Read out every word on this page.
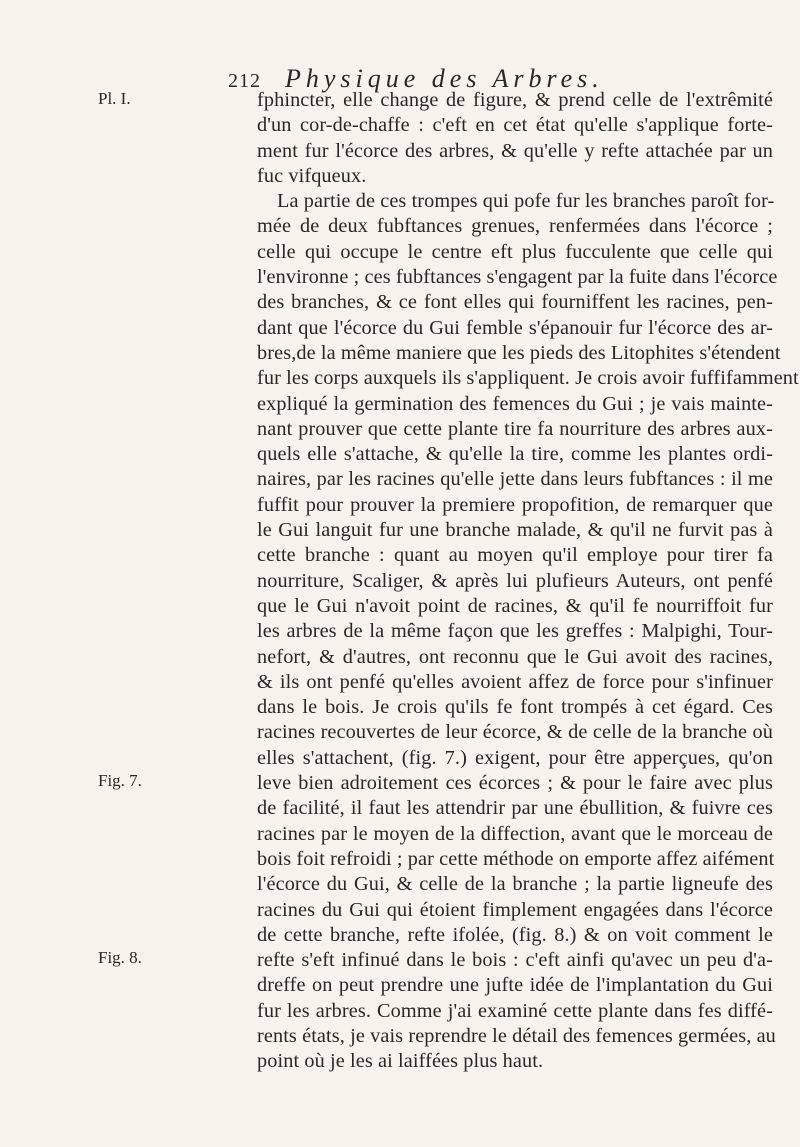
212 Physique des Arbres.
Pl. I.
Fig. 7.
Fig. 8.
fphincter, elle change de figure, & prend celle de l'extrêmité
d'un cor-de-chaffe : c'eft en cet état qu'elle s'applique forte-
ment fur l'écorce des arbres, & qu'elle y refte attachée par un
fuc vifqueux.
La partie de ces trompes qui pofe fur les branches paroît for-
mée de deux fubftances grenues, renfermées dans l'écorce ;
celle qui occupe le centre eft plus fucculente que celle qui
l'environne ; ces fubftances s'engagent par la fuite dans l'écorce
des branches, & ce font elles qui fourniffent les racines, pen-
dant que l'écorce du Gui femble s'épanouir fur l'écorce des ar-
bres,de la même maniere que les pieds des Litophites s'étendent
fur les corps auxquels ils s'appliquent. Je crois avoir fuffifamment
expliqué la germination des femences du Gui ; je vais mainte-
nant prouver que cette plante tire fa nourriture des arbres aux-
quels elle s'attache, & qu'elle la tire, comme les plantes ordi-
naires, par les racines qu'elle jette dans leurs fubftances : il me
fuffit pour prouver la premiere propofition, de remarquer que
le Gui languit fur une branche malade, & qu'il ne furvit pas à
cette branche : quant au moyen qu'il employe pour tirer fa
nourriture, Scaliger, & après lui plufieurs Auteurs, ont penfé
que le Gui n'avoit point de racines, & qu'il fe nourriffoit fur
les arbres de la même façon que les greffes : Malpighi, Tour-
nefort, & d'autres, ont reconnu que le Gui avoit des racines,
& ils ont penfé qu'elles avoient affez de force pour s'infinuer
dans le bois. Je crois qu'ils fe font trompés à cet égard. Ces
racines recouvertes de leur écorce, & de celle de la branche où
elles s'attachent, (fig. 7.) exigent, pour être apperçues, qu'on
leve bien adroitement ces écorces ; & pour le faire avec plus
de facilité, il faut les attendrir par une ébullition, & fuivre ces
racines par le moyen de la diffection, avant que le morceau de
bois foit refroidi ; par cette méthode on emporte affez aifément
l'écorce du Gui, & celle de la branche ; la partie ligneufe des
racines du Gui qui étoient fimplement engagées dans l'écorce
de cette branche, refte ifolée, (fig. 8.) & on voit comment le
refte s'eft infinué dans le bois : c'eft ainfi qu'avec un peu d'a-
dreffe on peut prendre une jufte idée de l'implantation du Gui
fur les arbres. Comme j'ai examiné cette plante dans fes diffé-
rents états, je vais reprendre le détail des femences germées, au
point où je les ai laiffées plus haut.
